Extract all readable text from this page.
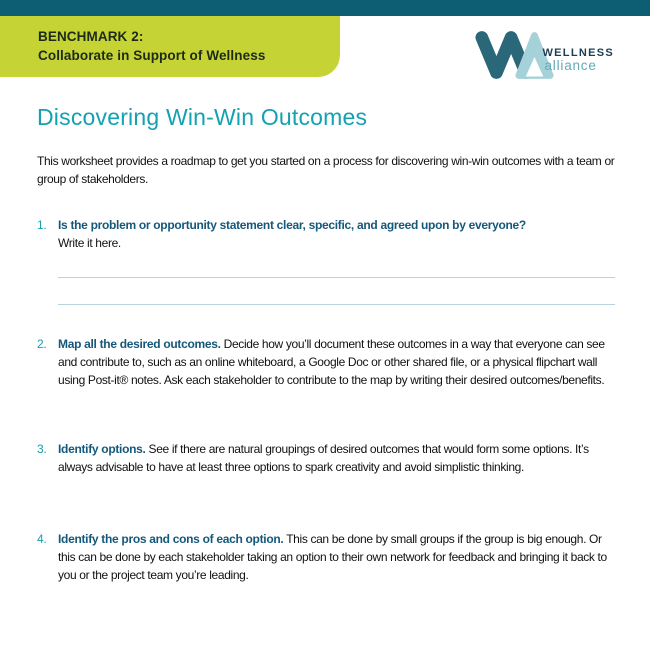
BENCHMARK 2:
Collaborate in Support of Wellness	WELLNESS
alliance
Discovering Win-Win Outcomes

This worksheet provides a roadmap to get you started on a process for discovering win-win outcomes with a team or group of stakeholders.

1. Is the problem or opportunity statement clear, specific, and agreed upon by everyone?
Write it here.
2. Map all the desired outcomes. Decide how you’ll document these outcomes in a way that everyone can see and contribute to, such as an online whiteboard, a Google Doc or other shared file, or a physical flipchart wall using Post-it® notes. Ask each stakeholder to contribute to the map by writing their desired outcomes/benefits.
3. Identify options. See if there are natural groupings of desired outcomes that would form some options. It’s always advisable to have at least three options to spark creativity and avoid simplistic thinking.
4. Identify the pros and cons of each option. This can be done by small groups if the group is big enough. Or this can be done by each stakeholder taking an option to their own network for feedback and bringing it back to you or the project team you’re leading.
